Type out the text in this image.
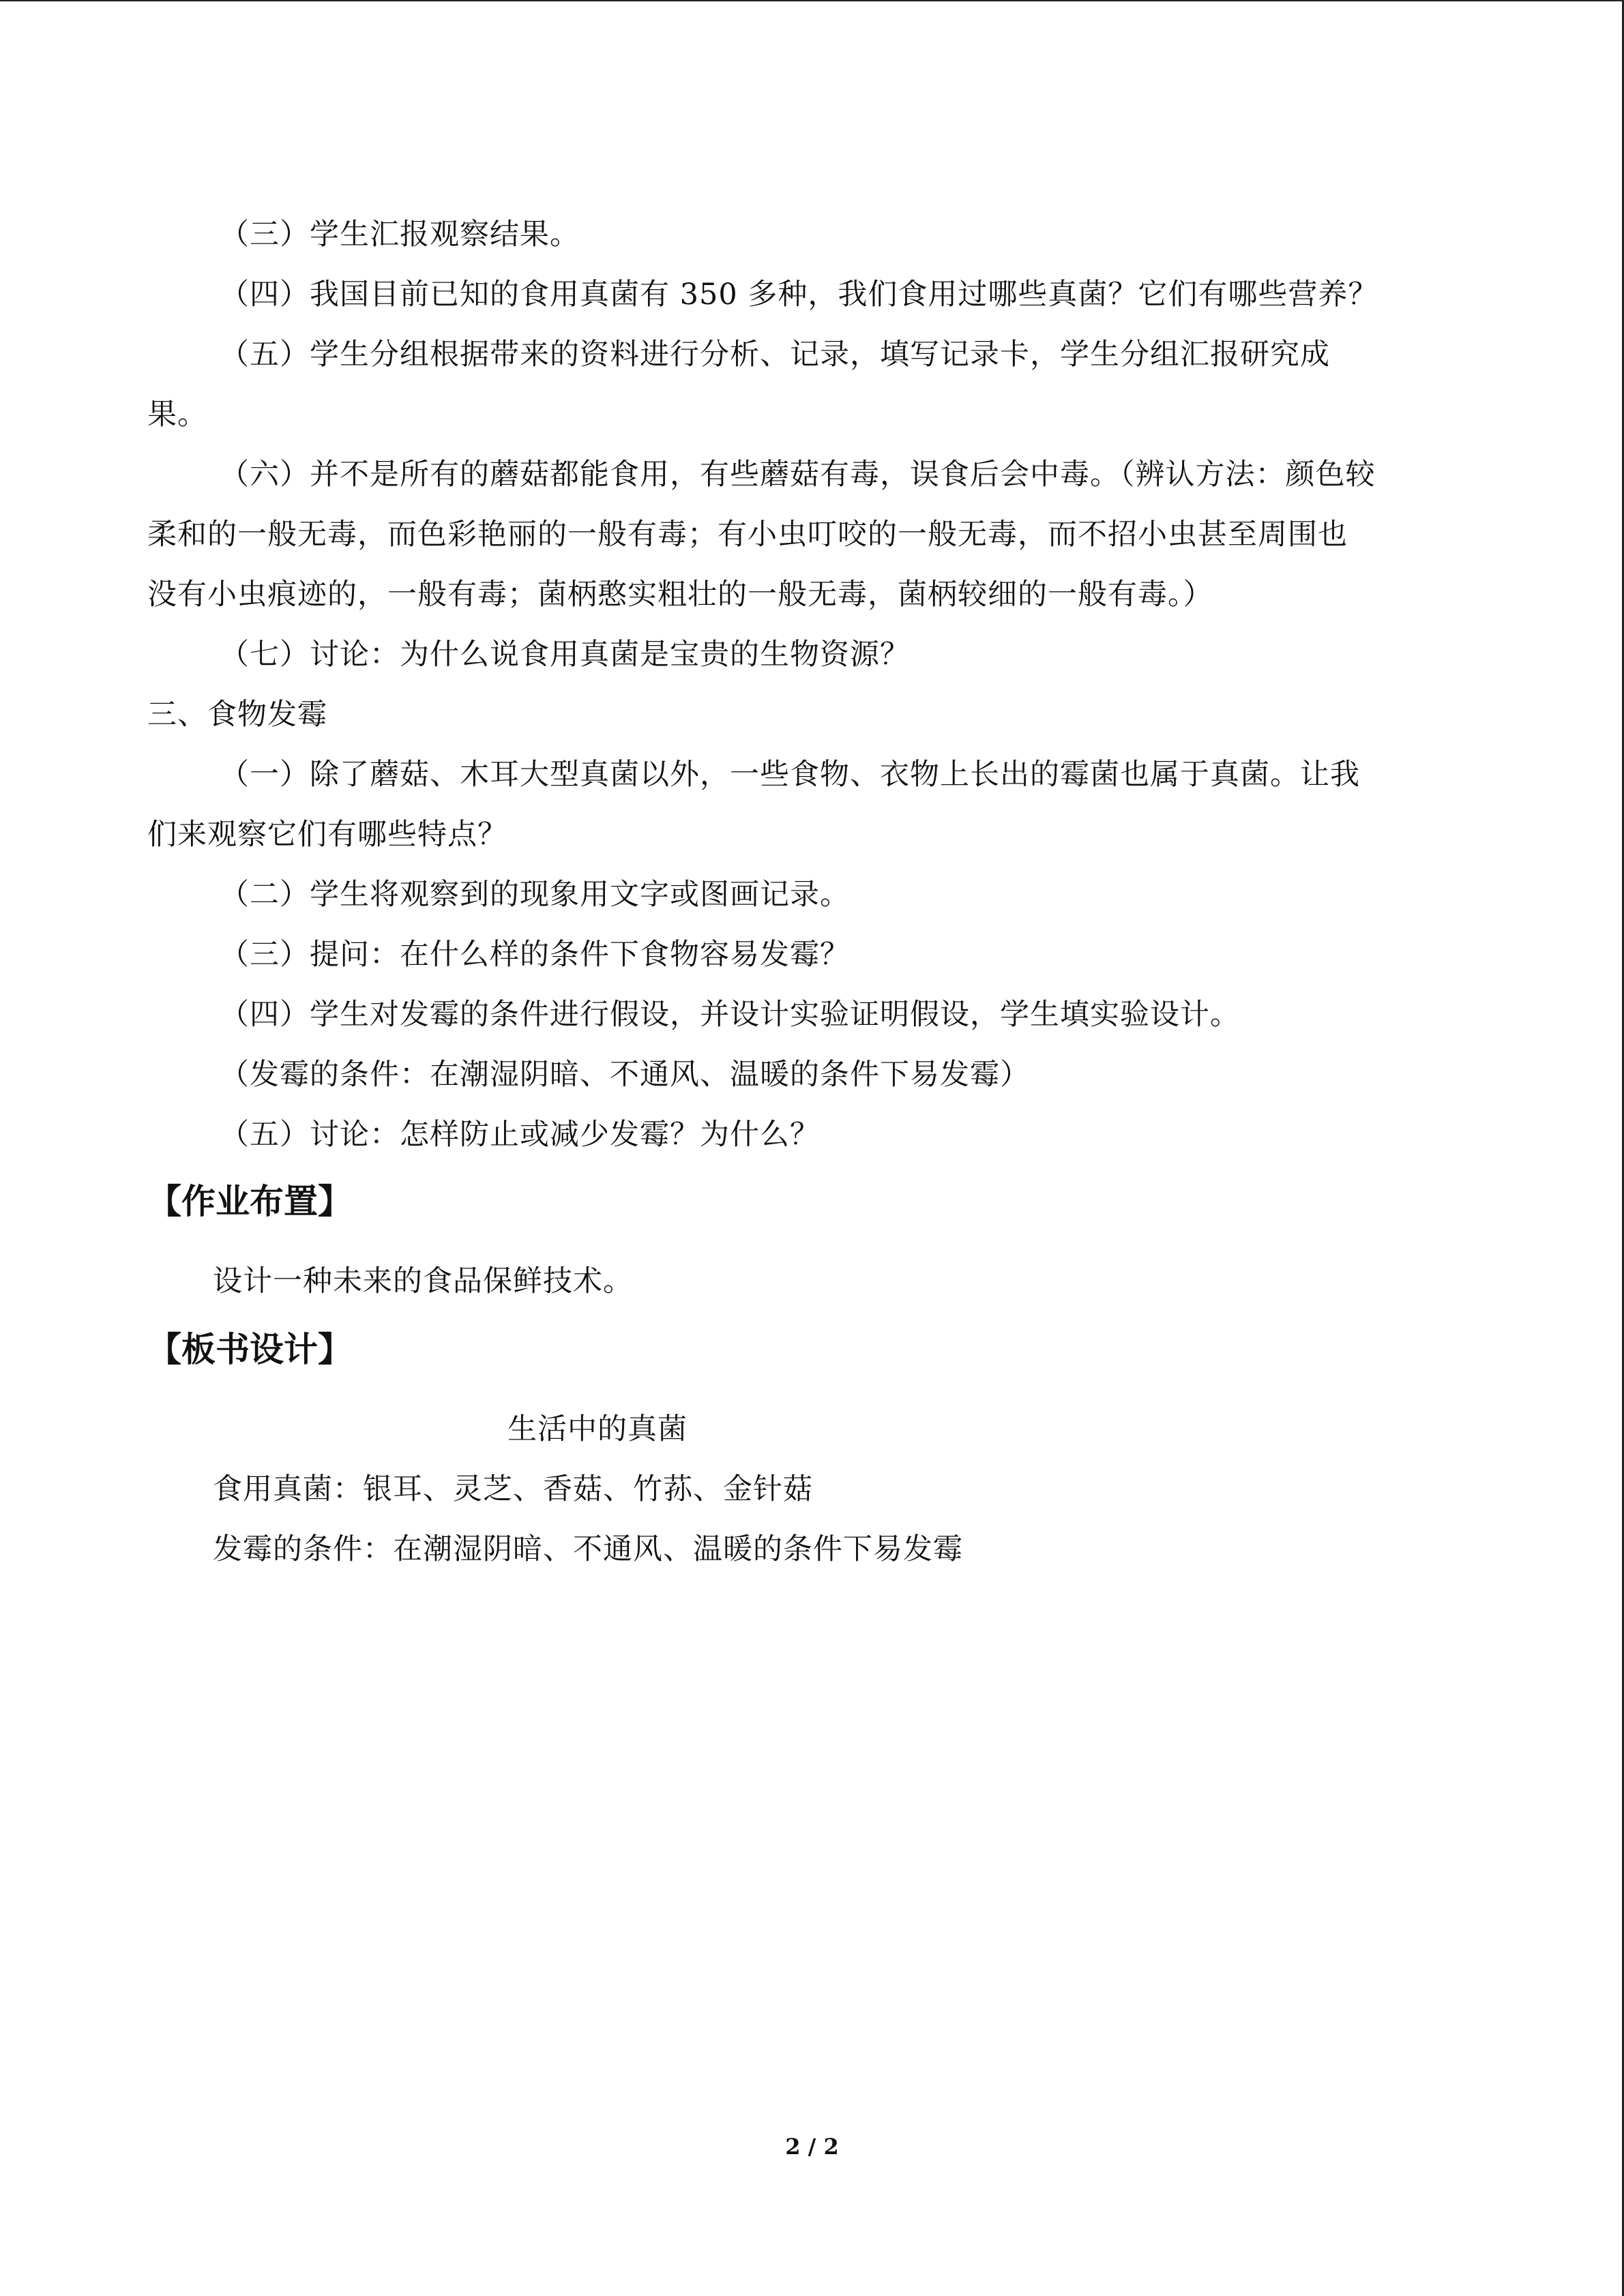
（三）学生汇报观察结果。
（四）我国目前已知的食用真菌有 350 多种，我们食用过哪些真菌？它们有哪些营养？
（五）学生分组根据带来的资料进行分析、记录，填写记录卡，学生分组汇报研究成
果。
（六）并不是所有的蘑菇都能食用，有些蘑菇有毒，误食后会中毒。（辨认方法：颜色较
柔和的一般无毒，而色彩艳丽的一般有毒；有小虫叮咬的一般无毒，而不招小虫甚至周围也
没有小虫痕迹的，一般有毒；菌柄憨实粗壮的一般无毒，菌柄较细的一般有毒。）
（七）讨论：为什么说食用真菌是宝贵的生物资源？
三、食物发霉
（一）除了蘑菇、木耳大型真菌以外，一些食物、衣物上长出的霉菌也属于真菌。让我
们来观察它们有哪些特点？
（二）学生将观察到的现象用文字或图画记录。
（三）提问：在什么样的条件下食物容易发霉？
（四）学生对发霉的条件进行假设，并设计实验证明假设，学生填实验设计。
（发霉的条件：在潮湿阴暗、不通风、温暖的条件下易发霉）
（五）讨论：怎样防止或减少发霉？为什么？
【作业布置】
设计一种未来的食品保鲜技术。
【板书设计】
生活中的真菌
食用真菌：银耳、灵芝、香菇、竹荪、金针菇
发霉的条件：在潮湿阴暗、不通风、温暖的条件下易发霉
2 / 2
